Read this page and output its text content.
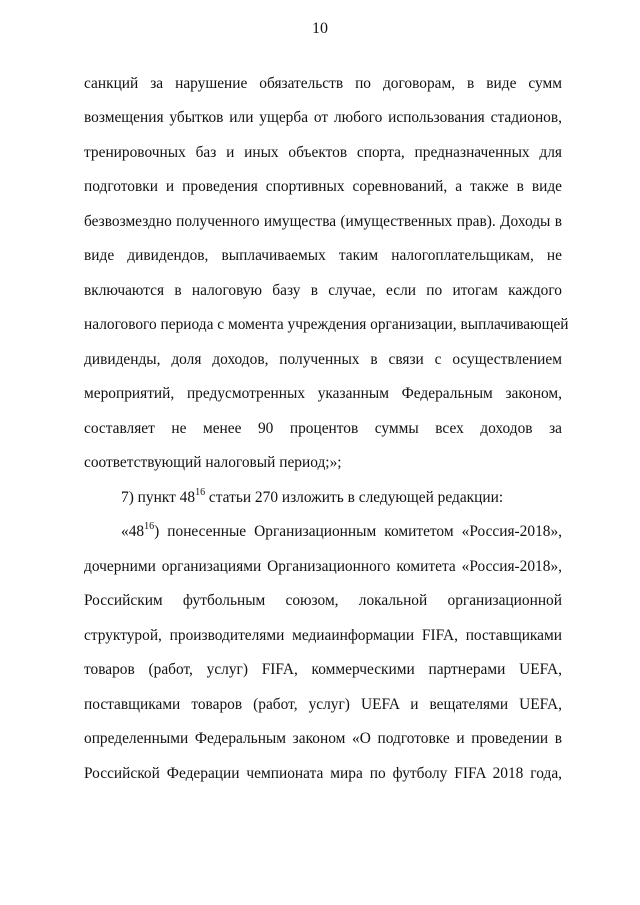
10
санкций за нарушение обязательств по договорам, в виде сумм
возмещения убытков или ущерба от любого использования стадионов,
тренировочных баз и иных объектов спорта, предназначенных для
подготовки и проведения спортивных соревнований, а также в виде
безвозмездно полученного имущества (имущественных прав). Доходы в
виде дивидендов, выплачиваемых таким налогоплательщикам, не
включаются в налоговую базу в случае, если по итогам каждого
налогового периода с момента учреждения организации, выплачивающей
дивиденды, доля доходов, полученных в связи с осуществлением
мероприятий, предусмотренных указанным Федеральным законом,
составляет не менее 90 процентов суммы всех доходов за
соответствующий налоговый период;»;
7) пункт $48^{16}$ статьи 270 изложить в следующей редакции:
«$48^{16}$) понесенные Организационным комитетом «Россия-2018»,
дочерними организациями Организационного комитета «Россия-2018»,
Российским футбольным союзом, локальной организационной
структурой, производителями медиаинформации FIFA, поставщиками
товаров (работ, услуг) FIFA, коммерческими партнерами UEFA,
поставщиками товаров (работ, услуг) UEFA и вещателями UEFA,
определенными Федеральным законом «О подготовке и проведении в
Российской Федерации чемпионата мира по футболу FIFA 2018 года,
